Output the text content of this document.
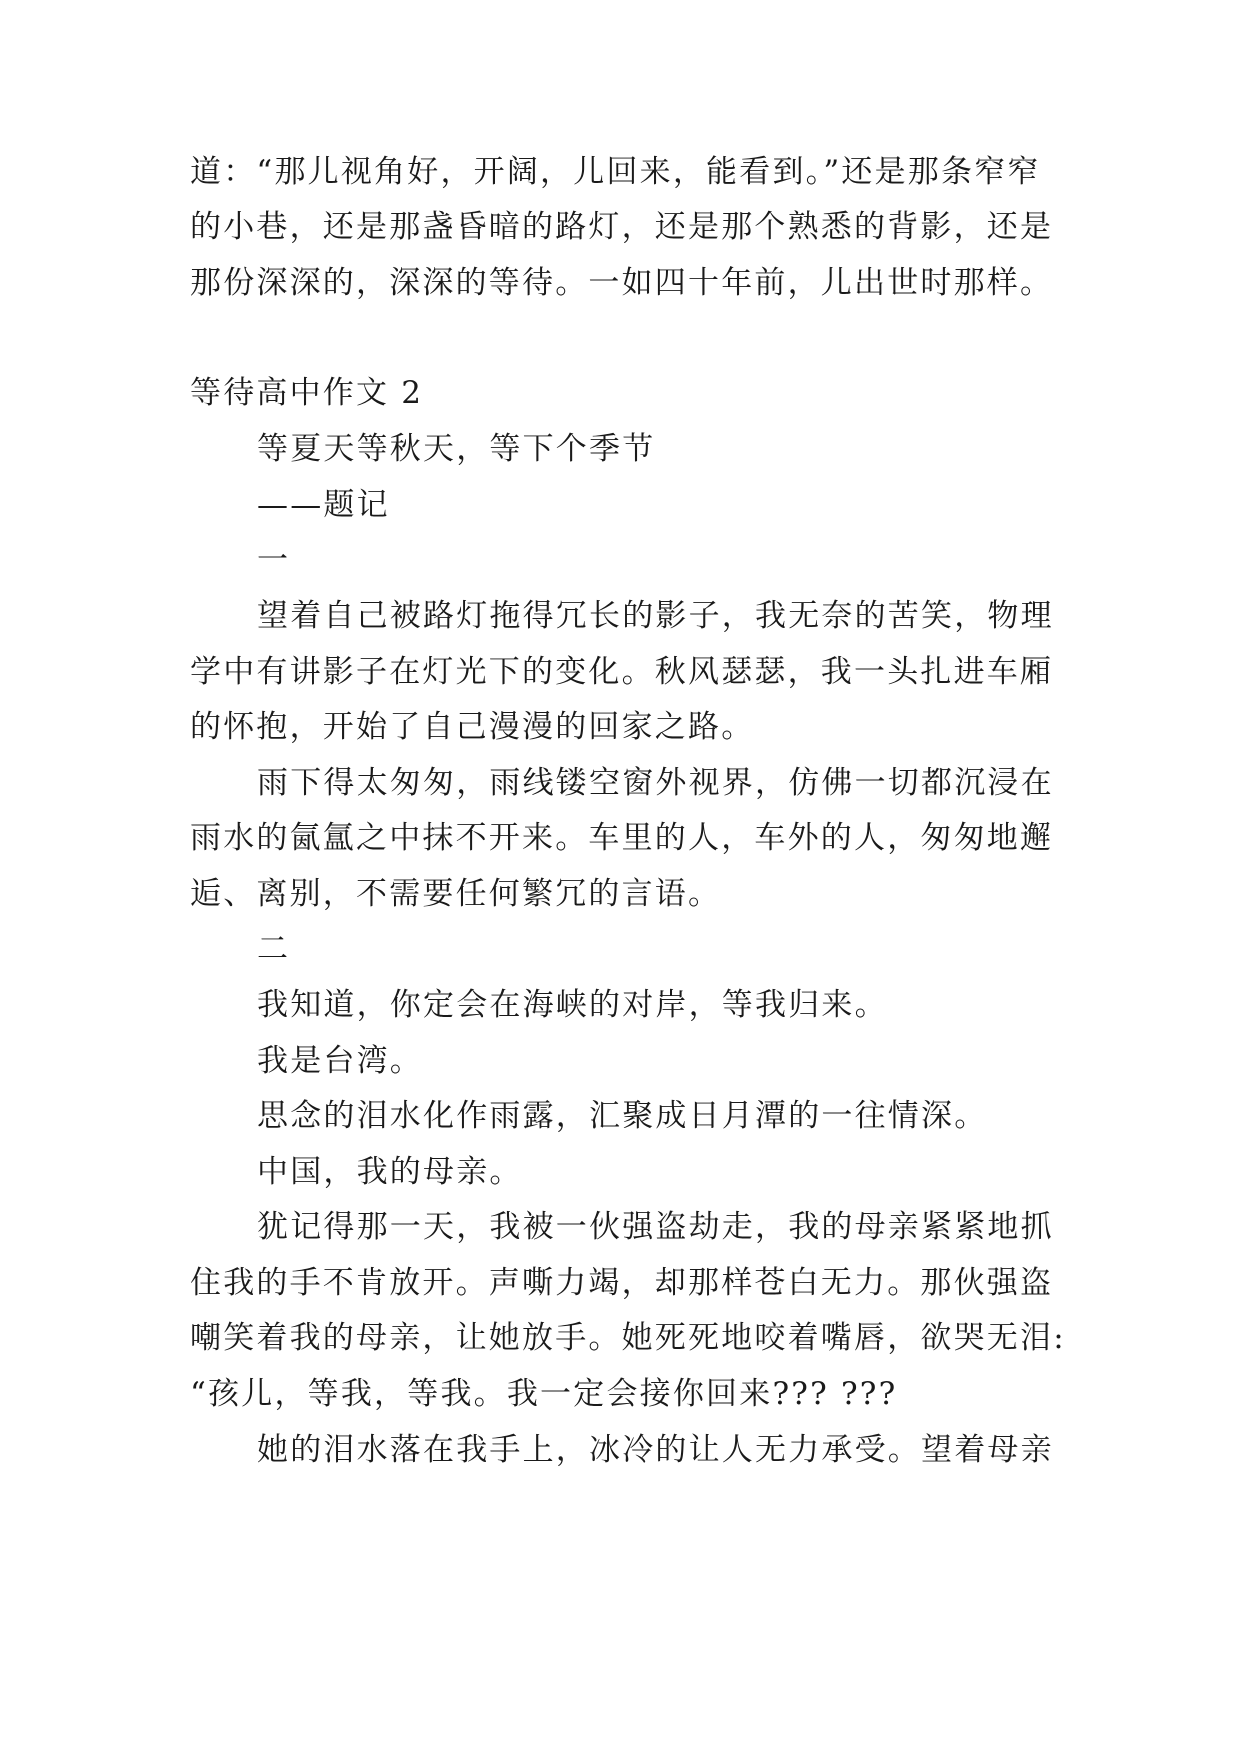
道：“那儿视角好，开阔，儿回来，能看到。”还是那条窄窄
的小巷，还是那盏昏暗的路灯，还是那个熟悉的背影，还是
那份深深的，深深的等待。一如四十年前，儿出世时那样。
等待高中作文 2
等夏天等秋天，等下个季节
——题记
一
望着自己被路灯拖得冗长的影子，我无奈的苦笑，物理
学中有讲影子在灯光下的变化。秋风瑟瑟，我一头扎进车厢
的怀抱，开始了自己漫漫的回家之路。
雨下得太匆匆，雨线镂空窗外视界，仿佛一切都沉浸在
雨水的氤氲之中抹不开来。车里的人，车外的人，匆匆地邂
逅、离别，不需要任何繁冗的言语。
二
我知道，你定会在海峡的对岸，等我归来。
我是台湾。
思念的泪水化作雨露，汇聚成日月潭的一往情深。
中国，我的母亲。
犹记得那一天，我被一伙强盗劫走，我的母亲紧紧地抓
住我的手不肯放开。声嘶力竭，却那样苍白无力。那伙强盗
嘲笑着我的母亲，让她放手。她死死地咬着嘴唇，欲哭无泪:
“孩儿，等我，等我。我一定会接你回来??? ???
她的泪水落在我手上，冰冷的让人无力承受。望着母亲
